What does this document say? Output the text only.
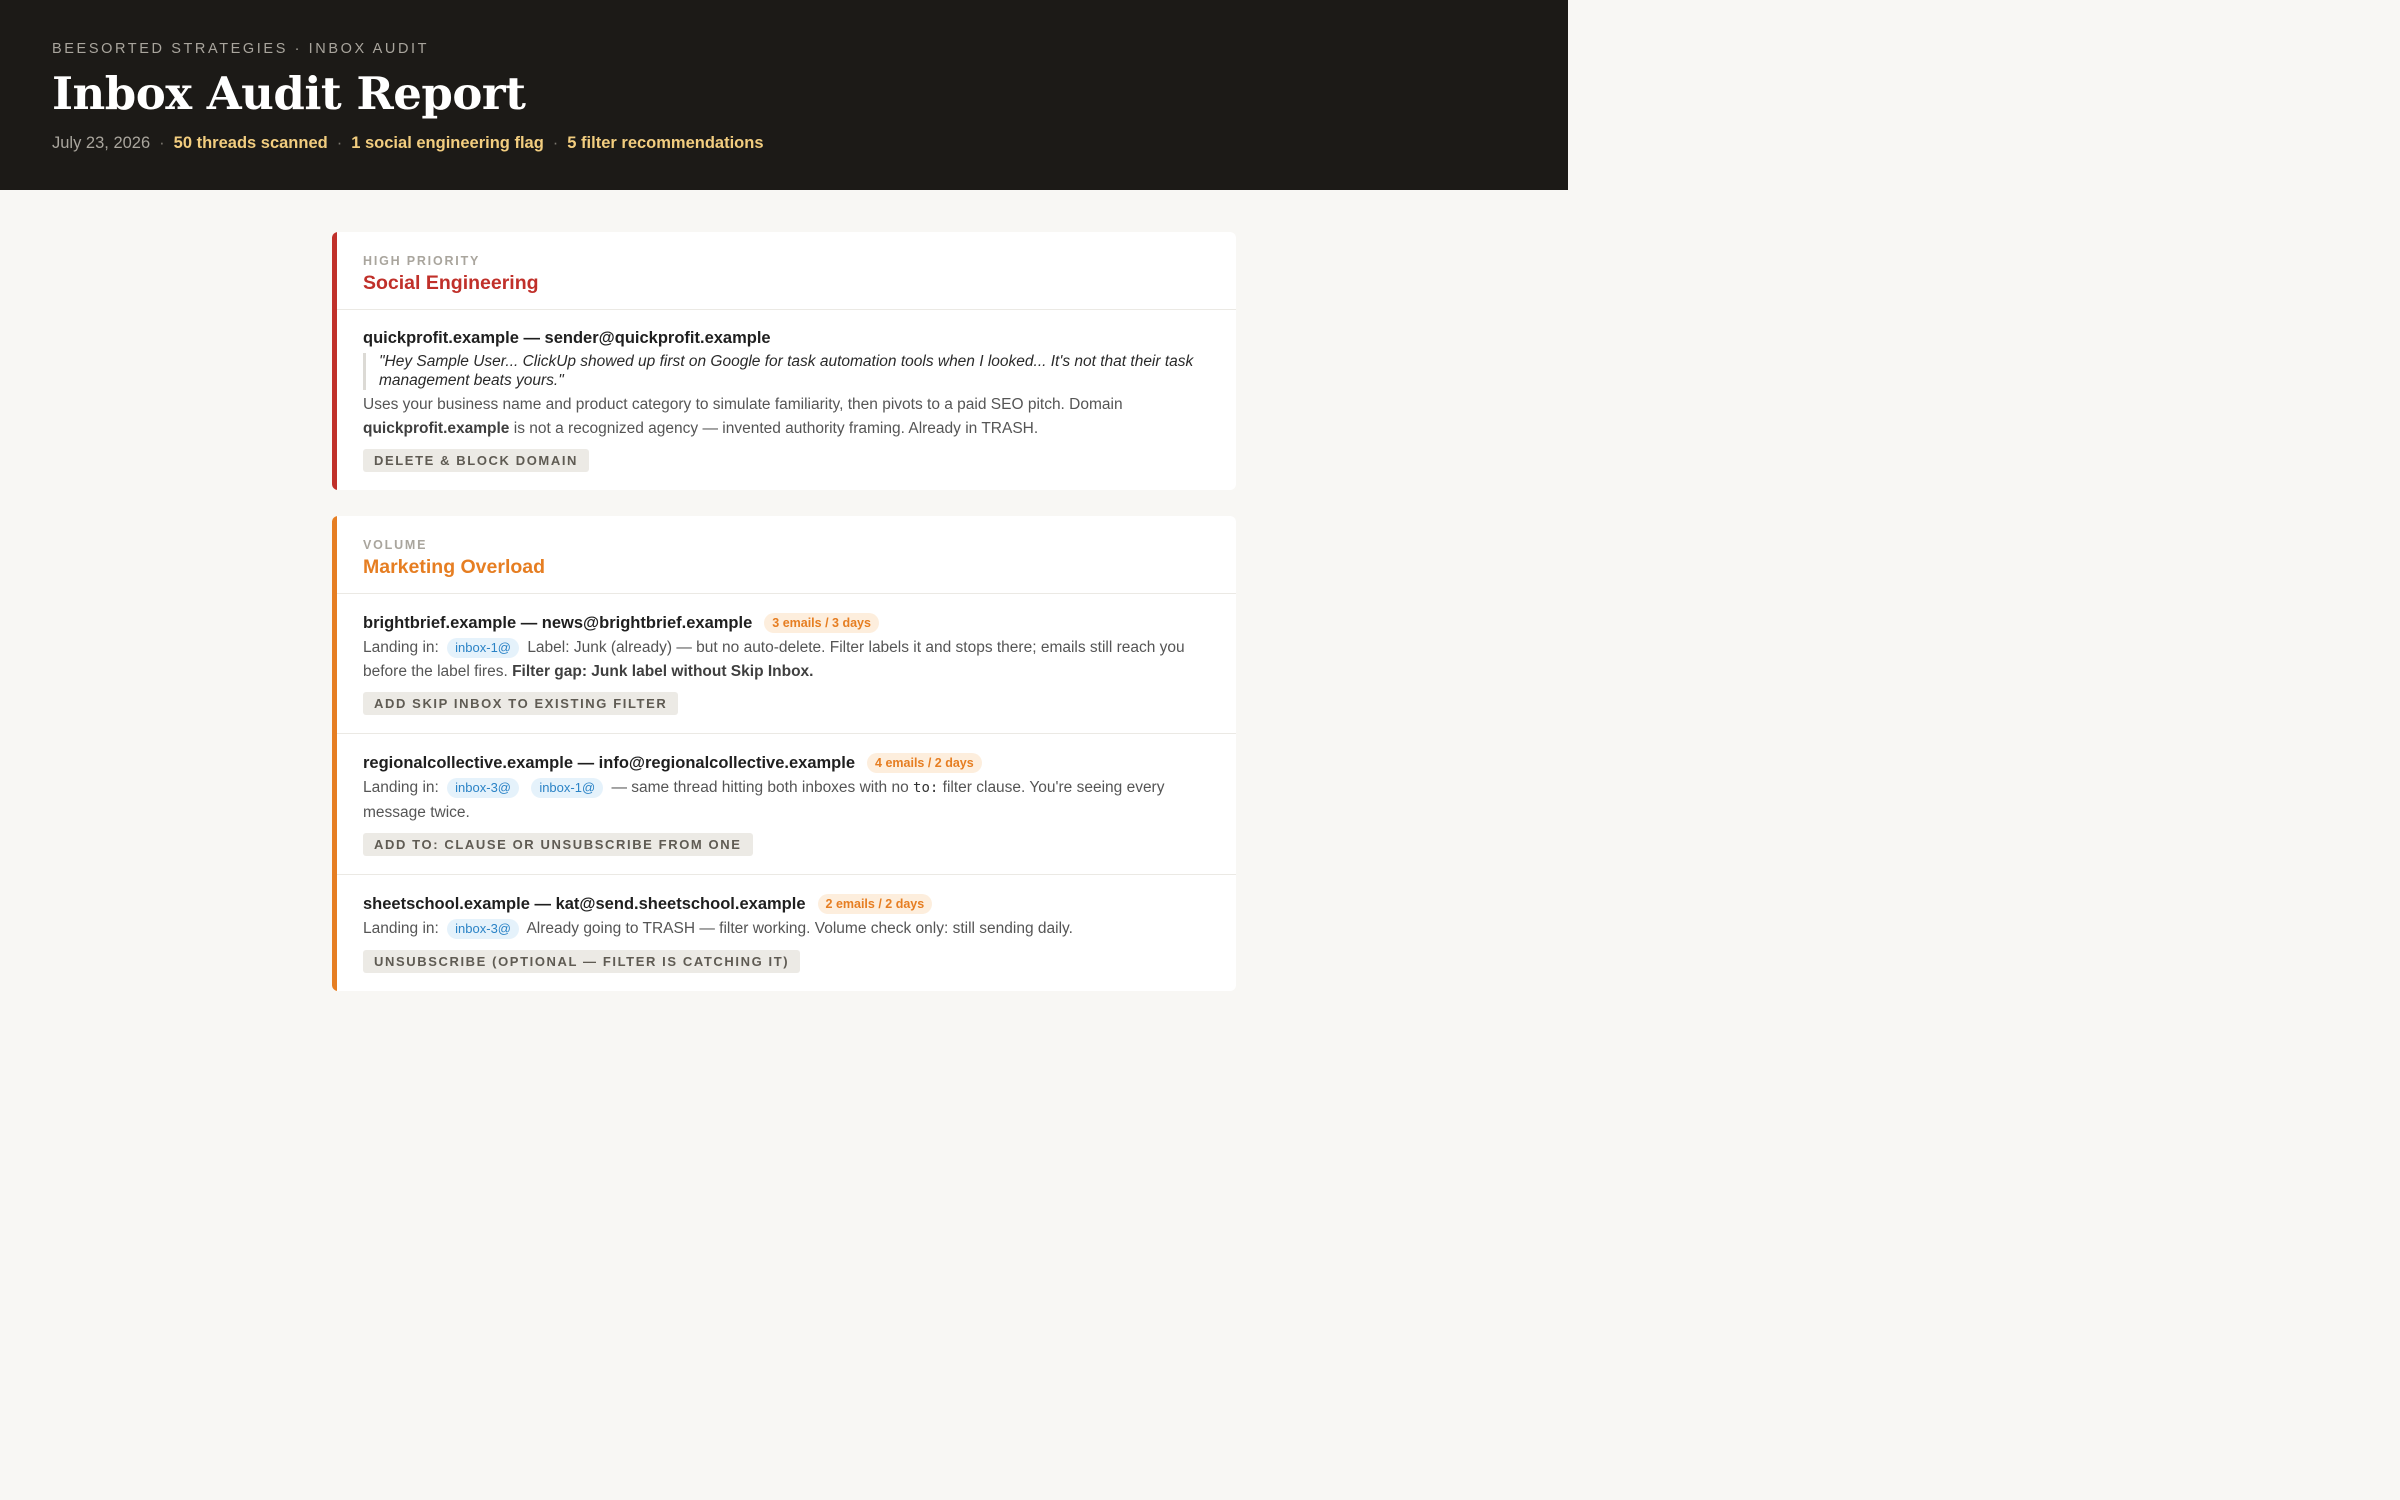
BEESORTED STRATEGIES · INBOX AUDIT
Inbox Audit Report
July 23, 2026 · 50 threads scanned · 1 social engineering flag · 5 filter recommendations
HIGH PRIORITY
Social Engineering
quickprofit.example — sender@quickprofit.example
"Hey Sample User... ClickUp showed up first on Google for task automation tools when I looked... It's not that their task management beats yours."
Uses your business name and product category to simulate familiarity, then pivots to a paid SEO pitch. Domain quickprofit.example is not a recognized agency — invented authority framing. Already in TRASH.
DELETE & BLOCK DOMAIN
VOLUME
Marketing Overload
brightbrief.example — news@brightbrief.example	3 emails / 3 days
Landing in: inbox-1@ Label: Junk (already) — but no auto-delete. Filter labels it and stops there; emails still reach you before the label fires. Filter gap: Junk label without Skip Inbox.
ADD SKIP INBOX TO EXISTING FILTER
regionalcollective.example — info@regionalcollective.example	4 emails / 2 days
Landing in: inbox-3@ inbox-1@ — same thread hitting both inboxes with no to: filter clause. You're seeing every message twice.
ADD TO: CLAUSE OR UNSUBSCRIBE FROM ONE
sheetschool.example — kat@send.sheetschool.example	2 emails / 2 days
Landing in: inbox-3@ Already going to TRASH — filter working. Volume check only: still sending daily.
UNSUBSCRIBE (OPTIONAL — FILTER IS CATCHING IT)
